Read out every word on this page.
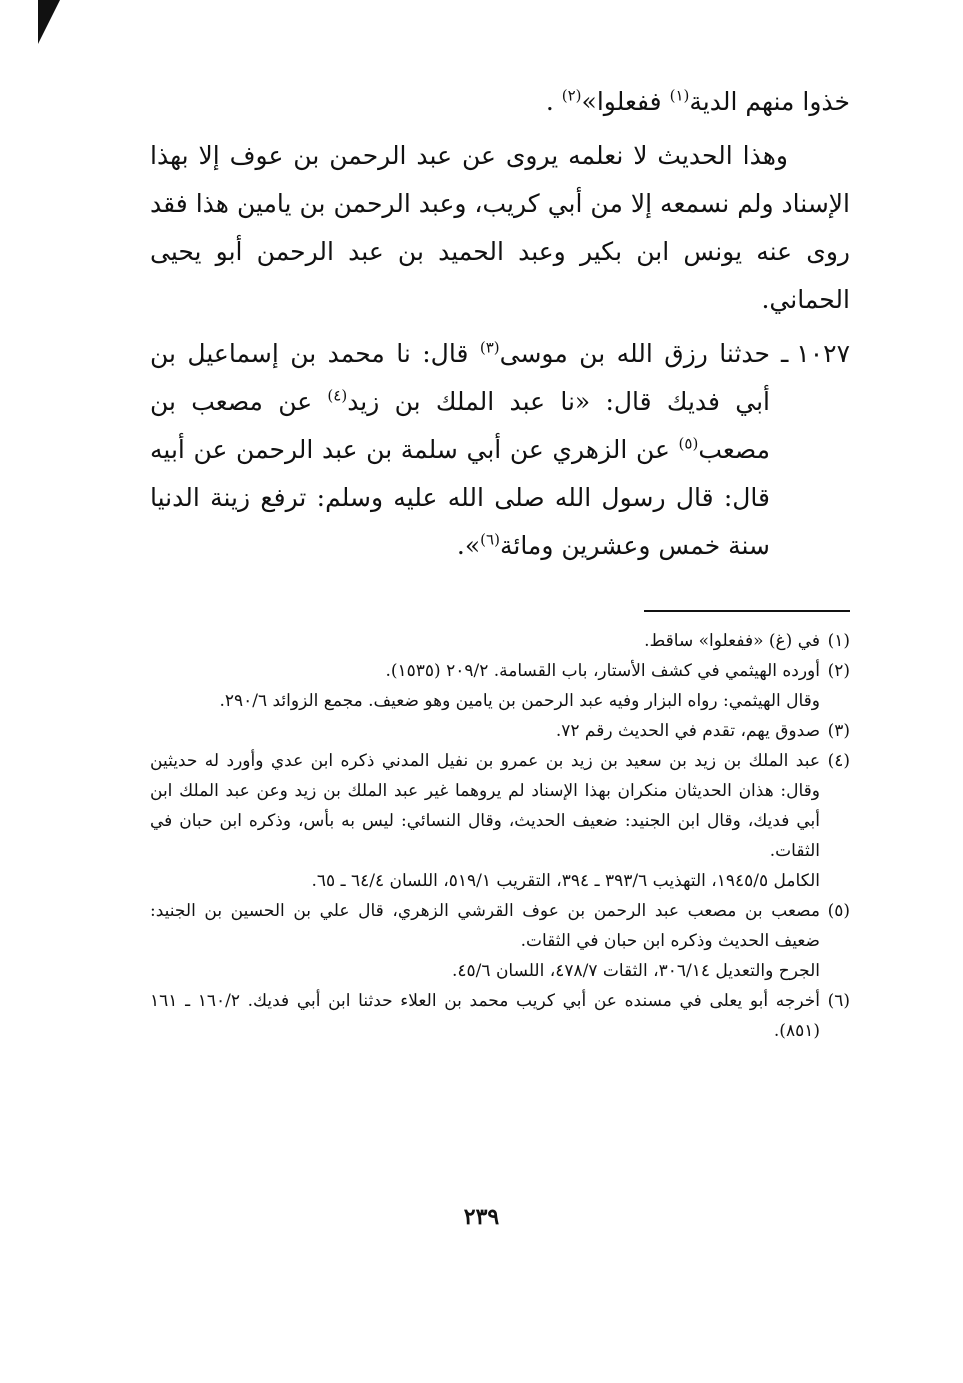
خذوا منهم الدية$^{(١)}$ ففعلوا»$^{(٢)}$ .

وهذا الحديث لا نعلمه يروى عن عبد الرحمن بن عوف إلا بهذا الإسناد ولم نسمعه إلا من أبي كريب، وعبد الرحمن بن يامين هذا فقد روى عنه يونس ابن بكير وعبد الحميد بن عبد الرحمن أبو يحيى الحماني.

١٠٢٧ ـ
حدثنا رزق الله بن موسى$^{(٣)}$ قال: نا محمد بن إسماعيل بن أبي فديك قال: «نا عبد الملك بن زيد$^{(٤)}$ عن مصعب بن مصعب$^{(٥)}$ عن الزهري عن أبي سلمة بن عبد الرحمن عن أبيه قال: قال رسول الله صلى الله عليه وسلم: ترفع زينة الدنيا سنة خمس وعشرين ومائة$^{(٦)}$».

(١)
في (غ) «ففعلوا» ساقط.
(٢)
أورده الهيثمي في كشف الأستار، باب القسامة. ٢٠٩/٢ (١٥٣٥).
وقال الهيثمي: رواه البزار وفيه عبد الرحمن بن يامين وهو ضعيف. مجمع الزوائد ٢٩٠/٦.
(٣)
صدوق يهم، تقدم في الحديث رقم ٧٢.
(٤)
عبد الملك بن زيد بن سعيد بن زيد بن عمرو بن نفيل المدني ذكره ابن عدي وأورد له حديثين وقال: هذان الحديثان منكران بهذا الإسناد لم يروهما غير عبد الملك بن زيد وعن عبد الملك ابن أبي فديك، وقال ابن الجنيد: ضعيف الحديث، وقال النسائي: ليس به بأس، وذكره ابن حبان في الثقات.
الكامل ١٩٤٥/٥، التهذيب ٣٩٣/٦ ـ ٣٩٤، التقريب ٥١٩/١، اللسان ٦٤/٤ ـ ٦٥.
(٥)
مصعب بن مصعب عبد الرحمن بن عوف القرشي الزهري، قال علي بن الحسين بن الجنيد: ضعيف الحديث وذكره ابن حبان في الثقات.
الجرح والتعديل ٣٠٦/١٤، الثقات ٤٧٨/٧، اللسان ٤٥/٦.
(٦)
أخرجه أبو يعلى في مسنده عن أبي كريب محمد بن العلاء حدثنا ابن أبي فديك. ١٦٠/٢ ـ ١٦١ (٨٥١).
٢٣٩
